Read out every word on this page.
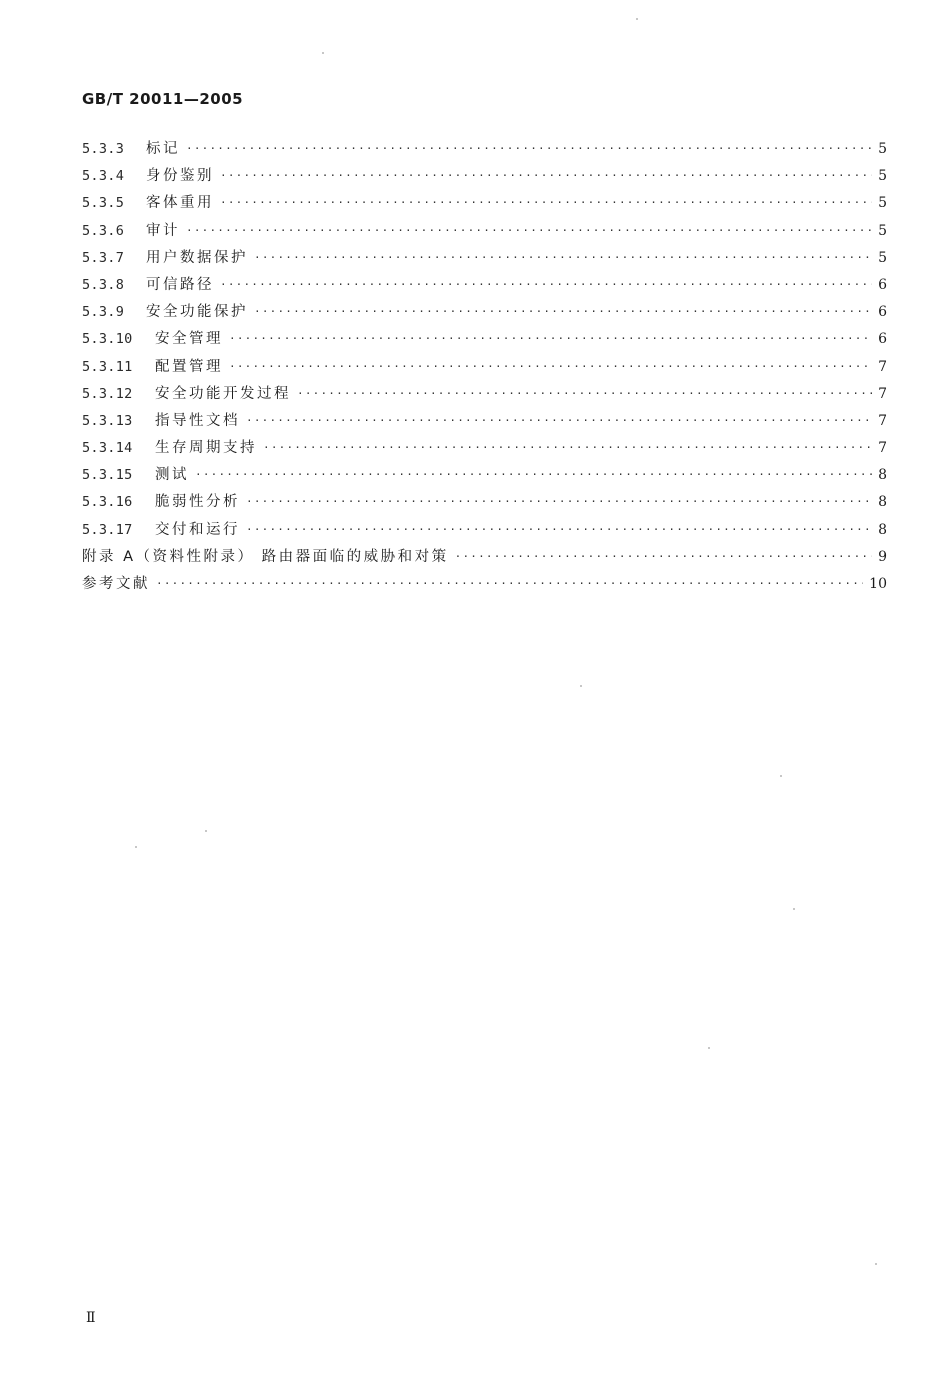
GB/T 20011—2005
5.3.3	标记 ·····	5
5.3.4	身份鉴别 ·····	5
5.3.5	客体重用 ·····	5
5.3.6	审计 ·····	5
5.3.7	用户数据保护 ·····	5
5.3.8	可信路径 ·····	6
5.3.9	安全功能保护 ·····	6
5.3.10	安全管理 ·····	6
5.3.11	配置管理 ·····	7
5.3.12	安全功能开发过程 ·····	7
5.3.13	指导性文档 ·····	7
5.3.14	生存周期支持 ·····	7
5.3.15	测试 ·····	8
5.3.16	脆弱性分析 ·····	8
5.3.17	交付和运行 ·····	8
附录 A（资料性附录） 路由器面临的威胁和对策 ·····	9
参考文献 ·····	10
Ⅱ
